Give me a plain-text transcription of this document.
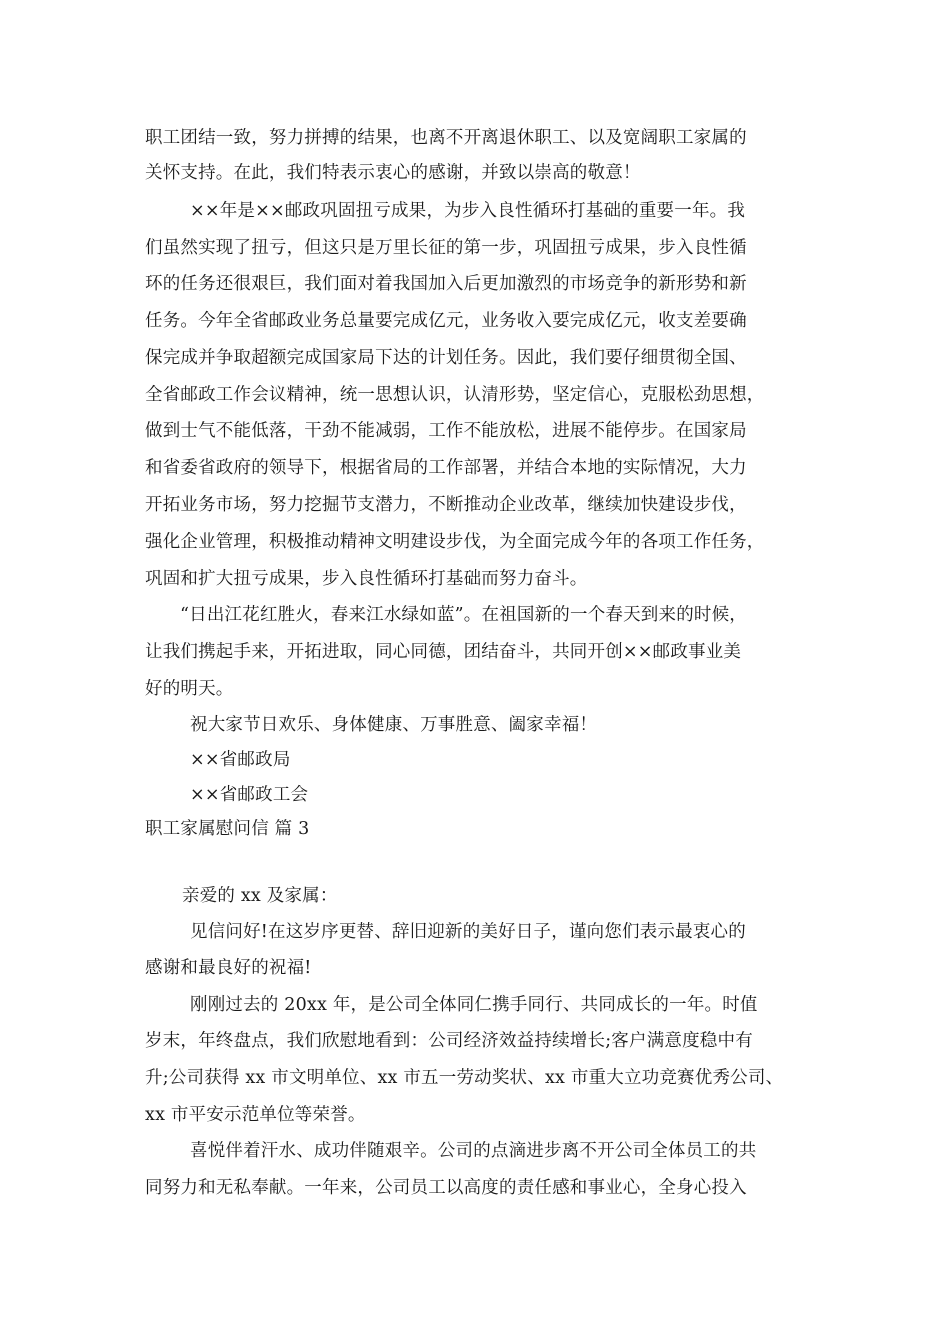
职工团结一致，努力拼搏的结果，也离不开离退休职工、以及宽阔职工家属的
关怀支持。在此，我们特表示衷心的感谢，并致以崇高的敬意！
××年是××邮政巩固扭亏成果，为步入良性循环打基础的重要一年。我
们虽然实现了扭亏，但这只是万里长征的第一步，巩固扭亏成果，步入良性循
环的任务还很艰巨，我们面对着我国加入后更加激烈的市场竞争的新形势和新
任务。今年全省邮政业务总量要完成亿元，业务收入要完成亿元，收支差要确
保完成并争取超额完成国家局下达的计划任务。因此，我们要仔细贯彻全国、
全省邮政工作会议精神，统一思想认识，认清形势，坚定信心，克服松劲思想，
做到士气不能低落，干劲不能减弱，工作不能放松，进展不能停步。在国家局
和省委省政府的领导下，根据省局的工作部署，并结合本地的实际情况，大力
开拓业务市场，努力挖掘节支潜力，不断推动企业改革，继续加快建设步伐，
强化企业管理，积极推动精神文明建设步伐，为全面完成今年的各项工作任务，
巩固和扩大扭亏成果，步入良性循环打基础而努力奋斗。
“日出江花红胜火，春来江水绿如蓝”。在祖国新的一个春天到来的时候，
让我们携起手来，开拓进取，同心同德，团结奋斗，共同开创××邮政事业美
好的明天。
祝大家节日欢乐、身体健康、万事胜意、阖家幸福！
××省邮政局
××省邮政工会
职工家属慰问信 篇 3
亲爱的 xx 及家属：
见信问好!在这岁序更替、辞旧迎新的美好日子，谨向您们表示最衷心的
感谢和最良好的祝福!
刚刚过去的 20xx 年，是公司全体同仁携手同行、共同成长的一年。时值
岁末，年终盘点，我们欣慰地看到：公司经济效益持续增长;客户满意度稳中有
升;公司获得 xx 市文明单位、xx 市五一劳动奖状、xx 市重大立功竞赛优秀公司、
xx 市平安示范单位等荣誉。
喜悦伴着汗水、成功伴随艰辛。公司的点滴进步离不开公司全体员工的共
同努力和无私奉献。一年来，公司员工以高度的责任感和事业心，全身心投入
